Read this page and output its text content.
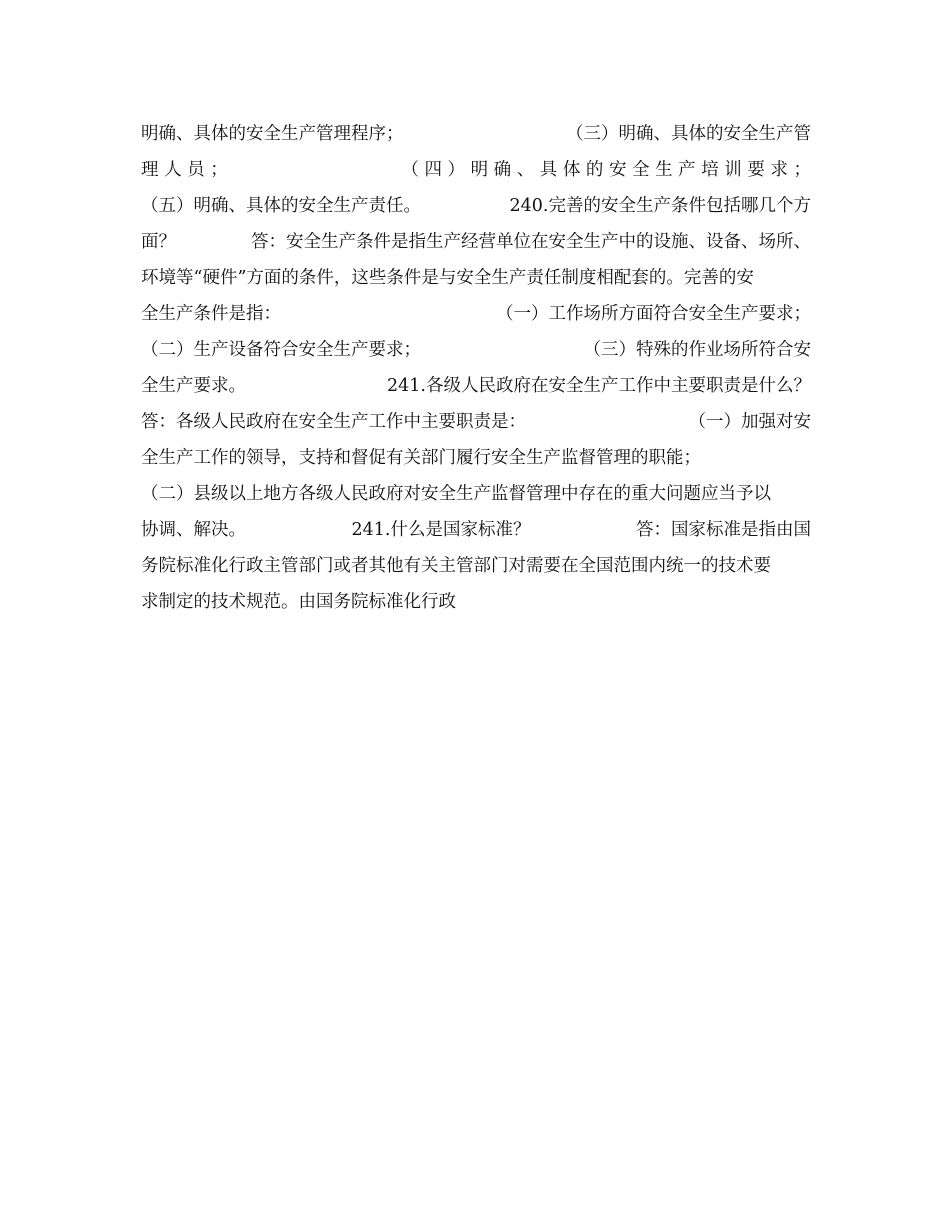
明确、具体的安全生产管理程序；	（三）明确、具体的安全生产管
理 人 员 ；	（ 四 ） 明 确 、 具 体 的 安 全 生 产 培 训 要 求 ；
（五）明确、具体的安全生产责任。	240.完善的安全生产条件包括哪几个方
面？	答：安全生产条件是指生产经营单位在安全生产中的设施、设备、场所、
环境等“硬件”方面的条件，这些条件是与安全生产责任制度相配套的。完善的安
全生产条件是指：	（一）工作场所方面符合安全生产要求；
（二）生产设备符合安全生产要求；	（三）特殊的作业场所符合安
全生产要求。	241.各级人民政府在安全生产工作中主要职责是什么？
答：各级人民政府在安全生产工作中主要职责是：	（一）加强对安
全生产工作的领导，支持和督促有关部门履行安全生产监督管理的职能；
（二）县级以上地方各级人民政府对安全生产监督管理中存在的重大问题应当予以
协调、解决。	241.什么是国家标准？	答：国家标准是指由国
务院标准化行政主管部门或者其他有关主管部门对需要在全国范围内统一的技术要
求制定的技术规范。由国务院标准化行政
